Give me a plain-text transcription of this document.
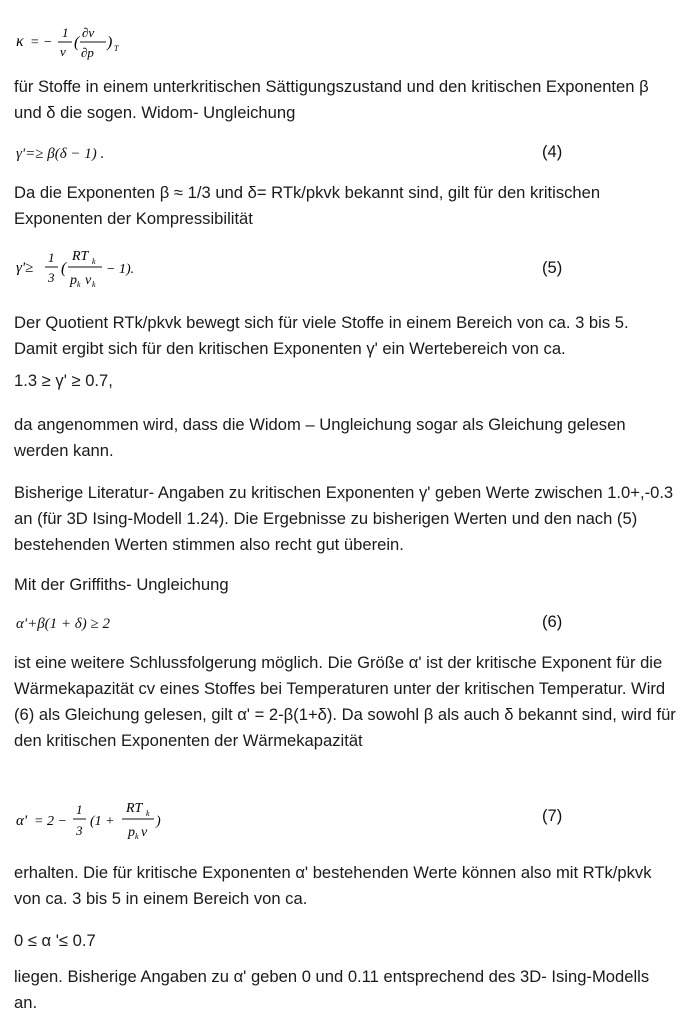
κ = −
1
v
(
∂v
∂p
) T
für Stoffe in einem unterkritischen Sättigungszustand und den kritischen Exponenten β und δ die sogen. Widom- Ungleichung
γ'=≥ β(δ − 1) .	(4)
Da die Exponenten β ≈ 1/3 und δ= RTk/pkvk bekannt sind, gilt für den kritischen Exponenten der Kompressibilität
γ'≥
1
3
(
RT k
p k v k
− 1).	(5)
Der Quotient RTk/pkvk bewegt sich für viele Stoffe in einem Bereich von ca. 3 bis 5. Damit ergibt sich für den kritischen Exponenten γ' ein Wertebereich von ca.
1.3 ≥ γ' ≥ 0.7,
da angenommen wird, dass die Widom – Ungleichung sogar als Gleichung gelesen werden kann.
Bisherige Literatur- Angaben zu kritischen Exponenten γ' geben Werte zwischen 1.0+,-0.3 an (für 3D Ising-Modell 1.24). Die Ergebnisse zu bisherigen Werten und den nach (5) bestehenden Werten stimmen also recht gut überein.
Mit der Griffiths- Ungleichung
α'+β(1 + δ) ≥ 2	(6)
ist eine weitere Schlussfolgerung möglich. Die Größe α' ist der kritische Exponent für die Wärmekapazität cv eines Stoffes bei Temperaturen unter der kritischen Temperatur. Wird (6) als Gleichung gelesen, gilt α' = 2-β(1+δ). Da sowohl β als auch δ bekannt sind, wird für den kritischen Exponenten der Wärmekapazität
α' = 2 −
1
3
(1 +
RT k
p k v
)	(7)
erhalten. Die für kritische Exponenten α' bestehenden Werte können also mit RTk/pkvk von ca. 3 bis 5 in einem Bereich von ca.
0 ≤ α '≤ 0.7
liegen. Bisherige Angaben zu α' geben 0 und 0.11 entsprechend des 3D- Ising-Modells an.
